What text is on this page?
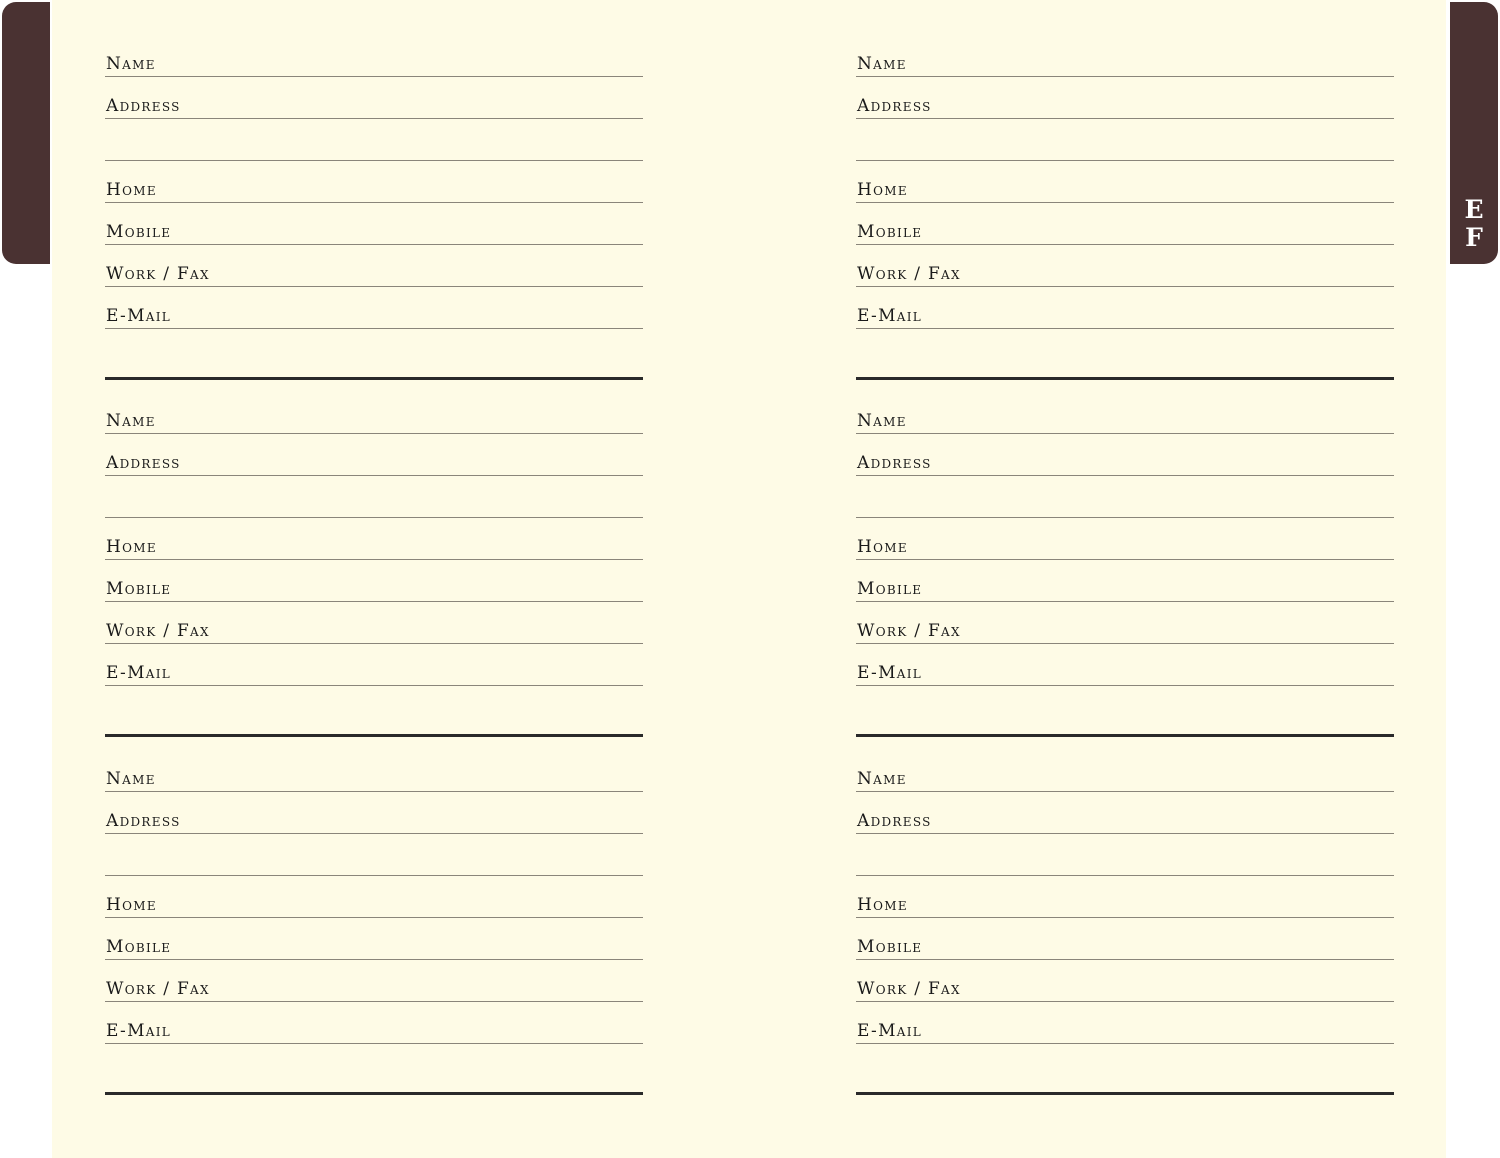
E
F
Name
Address
Home
Mobile
Work / Fax
E-Mail
Name
Address
Home
Mobile
Work / Fax
E-Mail
Name
Address
Home
Mobile
Work / Fax
E-Mail
Name
Address
Home
Mobile
Work / Fax
E-Mail
Name
Address
Home
Mobile
Work / Fax
E-Mail
Name
Address
Home
Mobile
Work / Fax
E-Mail
